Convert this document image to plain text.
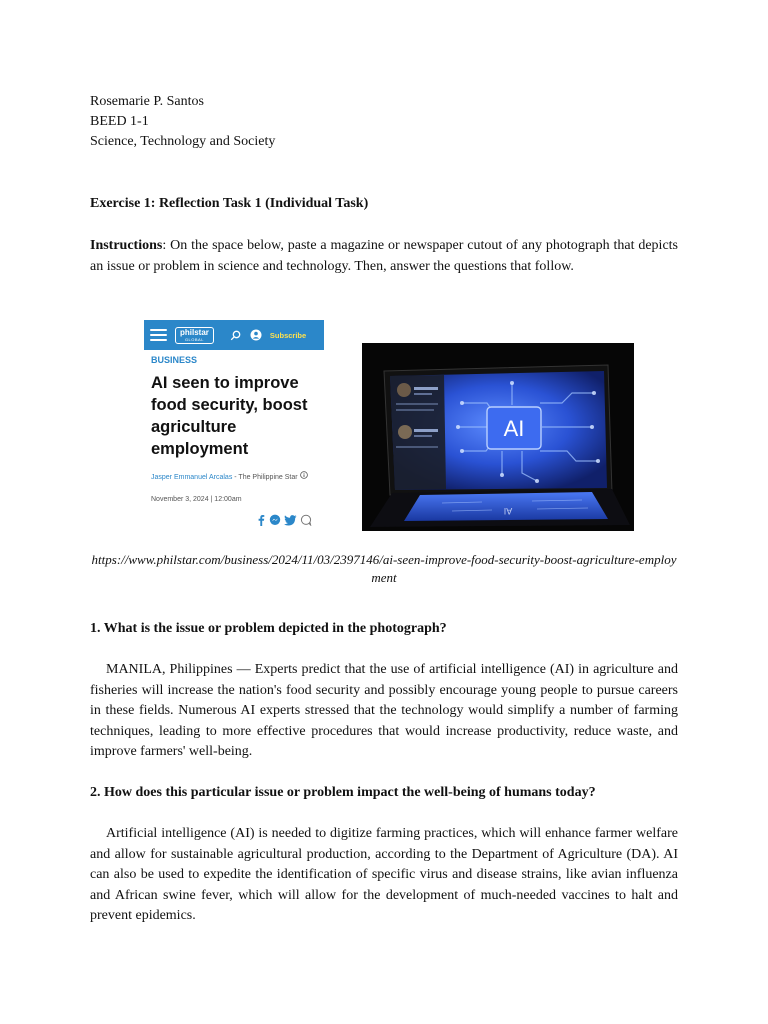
Rosemarie P. Santos
BEED 1-1
Science, Technology and Society
Exercise 1: Reflection Task 1 (Individual Task)
Instructions: On the space below, paste a magazine or newspaper cutout of any photograph that depicts an issue or problem in science and technology. Then, answer the questions that follow.
1. What is the issue or problem depicted in the photograph?
MANILA, Philippines — Experts predict that the use of artificial intelligence (AI) in agriculture and fisheries will increase the nation's food security and possibly encourage young people to pursue careers in these fields. Numerous AI experts stressed that the technology would simplify a number of farming techniques, leading to more effective procedures that would increase productivity, reduce waste, and improve farmers' well-being.
2. How does this particular issue or problem impact the well-being of humans today?
Artificial intelligence (AI) is needed to digitize farming practices, which will enhance farmer welfare and allow for sustainable agricultural production, according to the Department of Agriculture (DA). AI can also be used to expedite the identification of specific virus and disease strains, like avian influenza and African swine fever, which will allow for the development of much-needed vaccines to halt and prevent epidemics.
philstar
GLOBAL	Subscribe
BUSINESS
AI seen to improve food security, boost agriculture employment
Jasper Emmanuel Arcalas - The Philippine Star
November 3, 2024 | 12:00am
AI
AI
https://www.philstar.com/business/2024/11/03/2397146/ai-seen-improve-food-security-boost-agriculture-employment
